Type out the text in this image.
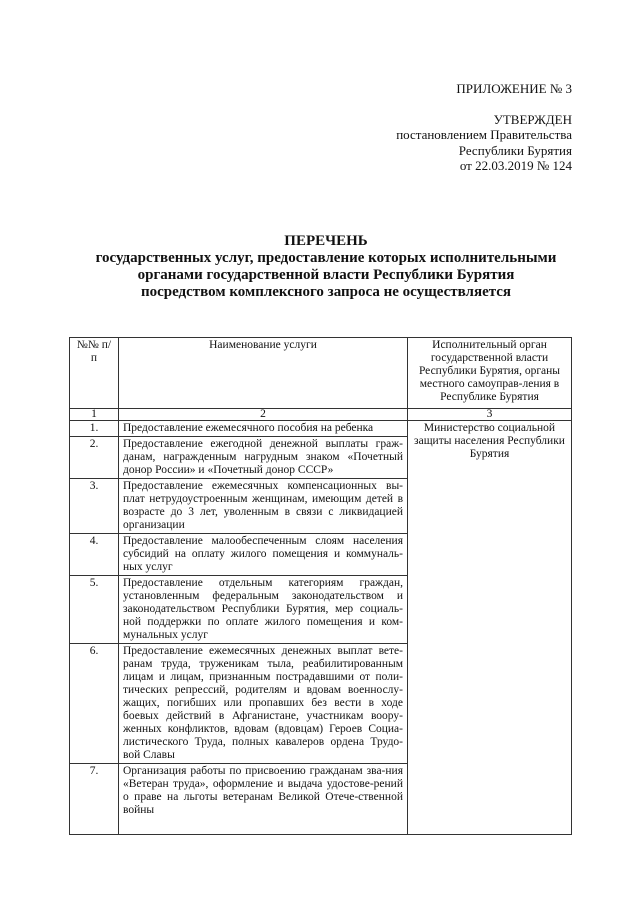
ПРИЛОЖЕНИЕ № 3
УТВЕРЖДЕН
постановлением Правительства
Республики Бурятия
от 22.03.2019 № 124
ПЕРЕЧЕНЬ
государственных услуг, предоставление которых исполнительными
органами государственной власти Республики Бурятия
посредством комплексного запроса не осуществляется
№№ п/п	Наименование услуги	Исполнительный орган государственной власти Республики Бурятия, органы местного самоуправ-ления в Республике Бурятия
1	2	3
1.	Предоставление ежемесячного пособия на ребенка	Министерство социальной защиты населения Республики Бурятия
2.	Предоставление ежегодной денежной выплаты граж-данам, награжденным нагрудным знаком «Почетный донор России» и «Почетный донор СССР»	
3.	Предоставление ежемесячных компенсационных вы-плат нетрудоустроенным женщинам, имеющим детей в возрасте до 3 лет, уволенным в связи с ликвидацией организации	
4.	Предоставление малообеспеченным слоям населения субсидий на оплату жилого помещения и коммуналь-ных услуг	
5.	Предоставление отдельным категориям граждан, установленным федеральным законодательством и законодательством Республики Бурятия, мер социаль-ной поддержки по оплате жилого помещения и ком-мунальных услуг	
6.	Предоставление ежемесячных денежных выплат вете-ранам труда, труженикам тыла, реабилитированным лицам и лицам, признанным пострадавшими от поли-тических репрессий, родителям и вдовам военнослу-жащих, погибших или пропавших без вести в ходе боевых действий в Афганистане, участникам воору-женных конфликтов, вдовам (вдовцам) Героев Социа-листического Труда, полных кавалеров ордена Трудо-вой Славы	
7.	Организация работы по присвоению гражданам зва-ния «Ветеран труда», оформление и выдача удостове-рений о праве на льготы ветеранам Великой Отече-ственной войны	
